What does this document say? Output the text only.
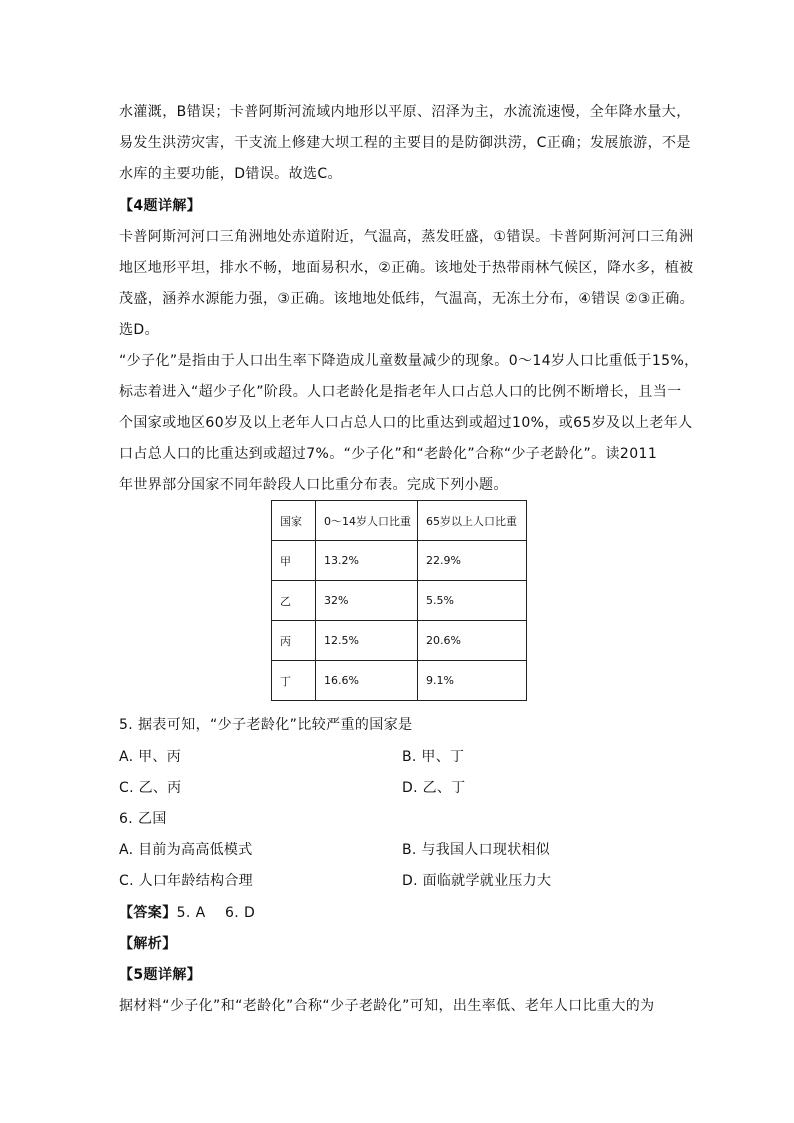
水灌溉，B错误；卡普阿斯河流域内地形以平原、沼泽为主，水流流速慢，全年降水量大，
易发生洪涝灾害，干支流上修建大坝工程的主要目的是防御洪涝，C正确；发展旅游，不是
水库的主要功能，D错误。故选C。
【4题详解】
卡普阿斯河河口三角洲地处赤道附近，气温高，蒸发旺盛，①错误。卡普阿斯河河口三角洲
地区地形平坦，排水不畅，地面易积水，②正确。该地处于热带雨林气候区，降水多，植被
茂盛，涵养水源能力强，③正确。该地地处低纬，气温高，无冻土分布，④错误 ②③正确。
选D。
“少子化”是指由于人口出生率下降造成儿童数量减少的现象。0～14岁人口比重低于15%，
标志着进入“超少子化”阶段。人口老龄化是指老年人口占总人口的比例不断增长，且当一
个国家或地区60岁及以上老年人口占总人口的比重达到或超过10%，或65岁及以上老年人
口占总人口的比重达到或超过7%。“少子化”和“老龄化”合称“少子老龄化”。读2011
年世界部分国家不同年龄段人口比重分布表。完成下列小题。
国家	0～14岁人口比重	65岁以上人口比重
甲	13.2%	22.9%
乙	32%	5.5%
丙	12.5%	20.6%
丁	16.6%	9.1%
5. 据表可知，“少子老龄化”比较严重的国家是
A. 甲、丙	B. 甲、丁
C. 乙、丙	D. 乙、丁
6. 乙国
A. 目前为高高低模式	B. 与我国人口现状相似
C. 人口年龄结构合理	D. 面临就学就业压力大
【答案】5. A    6. D
【解析】
【5题详解】
据材料“少子化”和“老龄化”合称“少子老龄化”可知，出生率低、老年人口比重大的为
